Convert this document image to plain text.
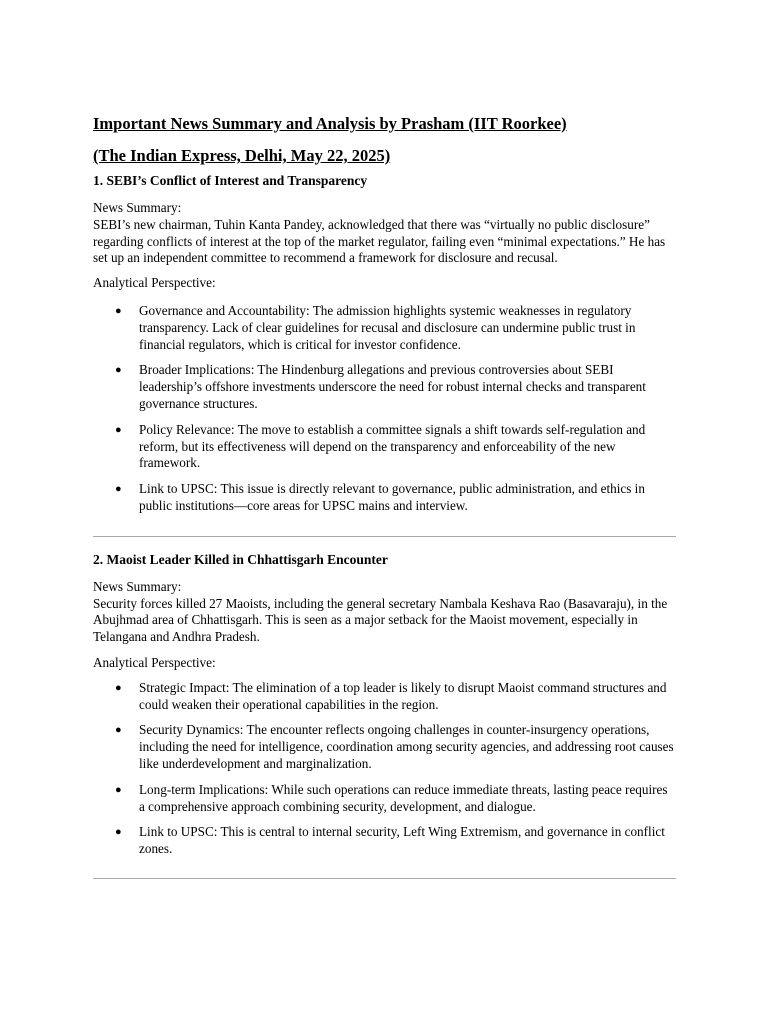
Important News Summary and Analysis by Prasham (IIT Roorkee)

(The Indian Express, Delhi, May 22, 2025)

1. SEBI’s Conflict of Interest and Transparency

News Summary:

SEBI’s new chairman, Tuhin Kanta Pandey, acknowledged that there was “virtually no public disclosure” regarding conflicts of interest at the top of the market regulator, failing even “minimal expectations.” He has set up an independent committee to recommend a framework for disclosure and recusal.

Analytical Perspective:

● Governance and Accountability: The admission highlights systemic weaknesses in regulatory transparency. Lack of clear guidelines for recusal and disclosure can undermine public trust in financial regulators, which is critical for investor confidence.
● Broader Implications: The Hindenburg allegations and previous controversies about SEBI leadership’s offshore investments underscore the need for robust internal checks and transparent governance structures.
● Policy Relevance: The move to establish a committee signals a shift towards self-regulation and reform, but its effectiveness will depend on the transparency and enforceability of the new framework.
● Link to UPSC: This issue is directly relevant to governance, public administration, and ethics in public institutions—core areas for UPSC mains and interview.

2. Maoist Leader Killed in Chhattisgarh Encounter

News Summary:

Security forces killed 27 Maoists, including the general secretary Nambala Keshava Rao (Basavaraju), in the Abujhmad area of Chhattisgarh. This is seen as a major setback for the Maoist movement, especially in Telangana and Andhra Pradesh.

Analytical Perspective:

● Strategic Impact: The elimination of a top leader is likely to disrupt Maoist command structures and could weaken their operational capabilities in the region.
● Security Dynamics: The encounter reflects ongoing challenges in counter-insurgency operations, including the need for intelligence, coordination among security agencies, and addressing root causes like underdevelopment and marginalization.
● Long-term Implications: While such operations can reduce immediate threats, lasting peace requires a comprehensive approach combining security, development, and dialogue.
● Link to UPSC: This is central to internal security, Left Wing Extremism, and governance in conflict zones.
